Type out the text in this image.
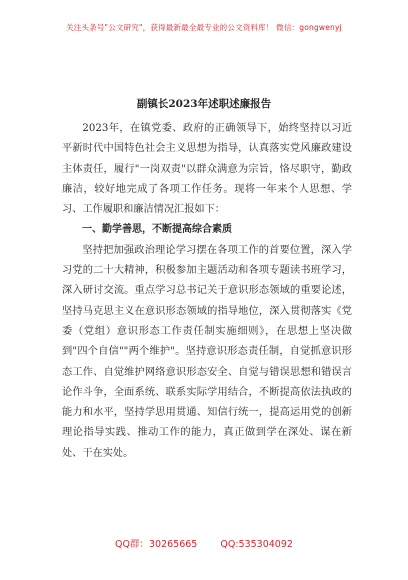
关注头条号"公文研究"，获得最新最全最专业的公文资料库！ 微信：gongwenyj
副镇长2023年述职述廉报告

2023年，在镇党委、政府的正确领导下，始终坚持以习近平新时代中国特色社会主义思想为指导，认真落实党风廉政建设主体责任，履行"一岗双责"以群众满意为宗旨，恪尽职守，勤政廉洁，较好地完成了各项工作任务。现将一年来个人思想、学习、工作履职和廉洁情况汇报如下：

一、勤学善思，不断提高综合素质

坚持把加强政治理论学习摆在各项工作的首要位置，深入学习党的二十大精神，积极参加主题活动和各项专题读书班学习，深入研讨交流。重点学习总书记关于意识形态领域的重要论述，坚持马克思主义在意识形态领域的指导地位，深入贯彻落实《党委（党组）意识形态工作责任制实施细则》，在思想上坚决做到"四个自信""两个维护"。坚持意识形态责任制，自觉抓意识形态工作、自觉维护网络意识形态安全、自觉与错误思想和错误言论作斗争，全面系统、联系实际学用结合，不断提高依法执政的能力和水平，坚持学思用贯通、知信行统一，提高运用党的创新理论指导实践、推动工作的能力，真正做到学在深处、谋在新处、干在实处。

QQ群：30265665 QQ:535304092
